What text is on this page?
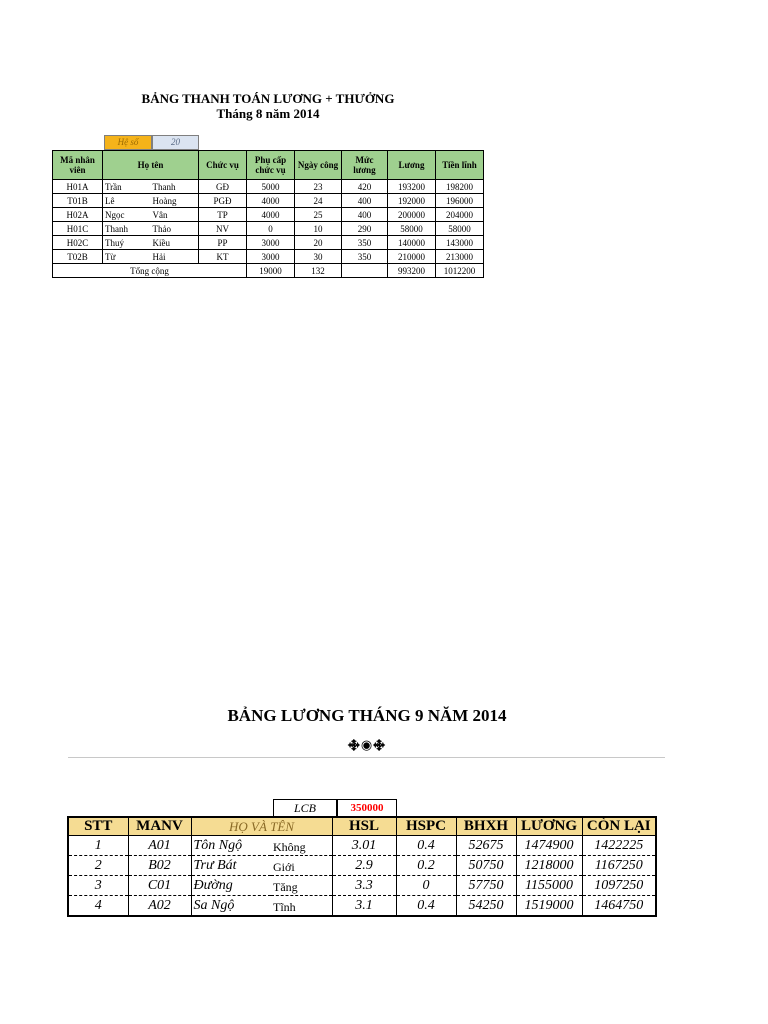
BẢNG THANH TOÁN LƯƠNG + THƯỞNG
Tháng 8 năm 2014
Hệ số	20
Mã nhân viên	Họ tên		Chức vụ	Phụ cấp chức vụ	Ngày công	Mức lương	Lương	Tiền lĩnh
H01A	Trần	Thanh	GĐ	5000	23	420	193200	198200
T01B	Lê	Hoàng	PGĐ	4000	24	400	192000	196000
H02A	Ngọc	Vân	TP	4000	25	400	200000	204000
H01C	Thanh	Thảo	NV	0	10	290	58000	58000
H02C	Thuý	Kiều	PP	3000	20	350	140000	143000
T02B	Từ	Hải	KT	3000	30	350	210000	213000
Tổng cộng				19000	132		993200	1012200
BẢNG LƯƠNG THÁNG 9 NĂM 2014
࿇◉࿇
LCB	350000
STT	MANV	HỌ VÀ TÊN		HSL	HSPC	BHXH	LƯƠNG	CÒN LẠI
1	A01	Tôn Ngộ	Không	3.01	0.4	52675	1474900	1422225
2	B02	Trư Bát	Giới	2.9	0.2	50750	1218000	1167250
3	C01	Đường	Tăng	3.3	0	57750	1155000	1097250
4	A02	Sa Ngộ	Tĩnh	3.1	0.4	54250	1519000	1464750
